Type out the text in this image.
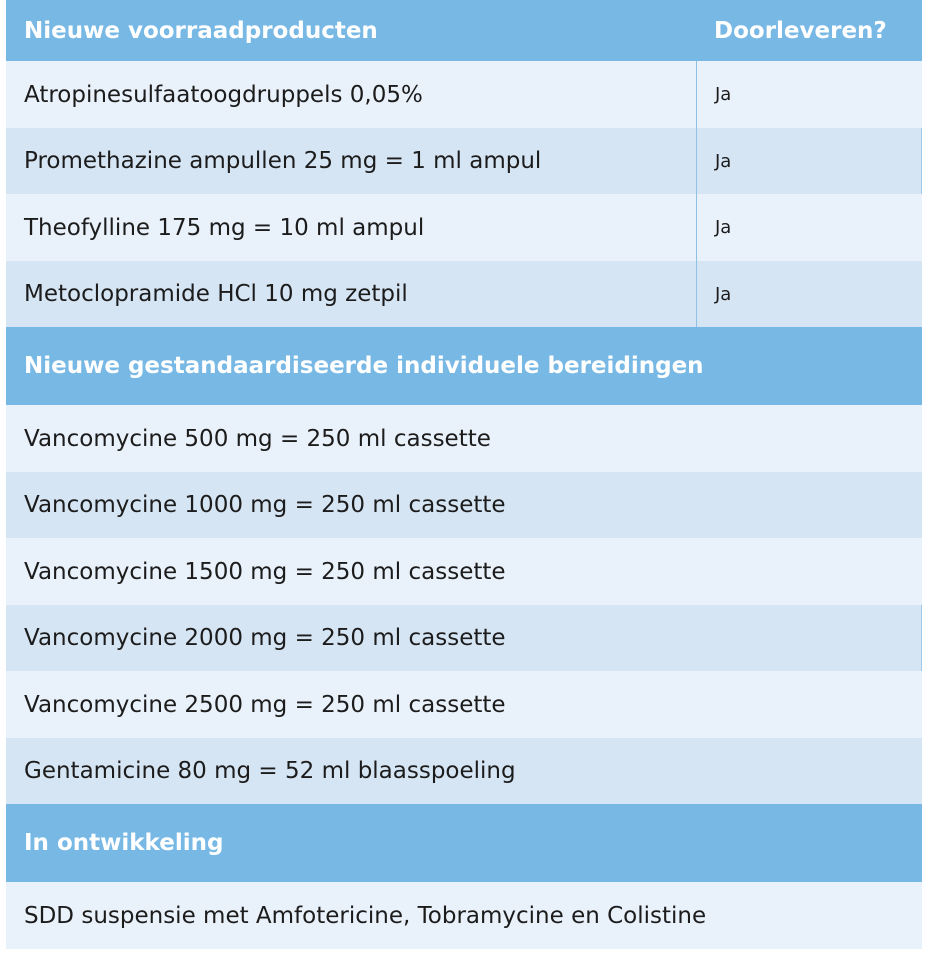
Nieuwe voorraadproducten	Doorleveren?
Atropinesulfaatoogdruppels 0,05%	Ja
Promethazine ampullen 25 mg = 1 ml ampul	Ja
Theofylline 175 mg = 10 ml ampul	Ja
Metoclopramide HCl 10 mg zetpil	Ja
Nieuwe gestandaardiseerde individuele bereidingen
Vancomycine 500 mg = 250 ml cassette
Vancomycine 1000 mg = 250 ml cassette
Vancomycine 1500 mg = 250 ml cassette
Vancomycine 2000 mg = 250 ml cassette
Vancomycine 2500 mg = 250 ml cassette
Gentamicine 80 mg = 52 ml blaasspoeling
In ontwikkeling
SDD suspensie met Amfotericine, Tobramycine en Colistine
